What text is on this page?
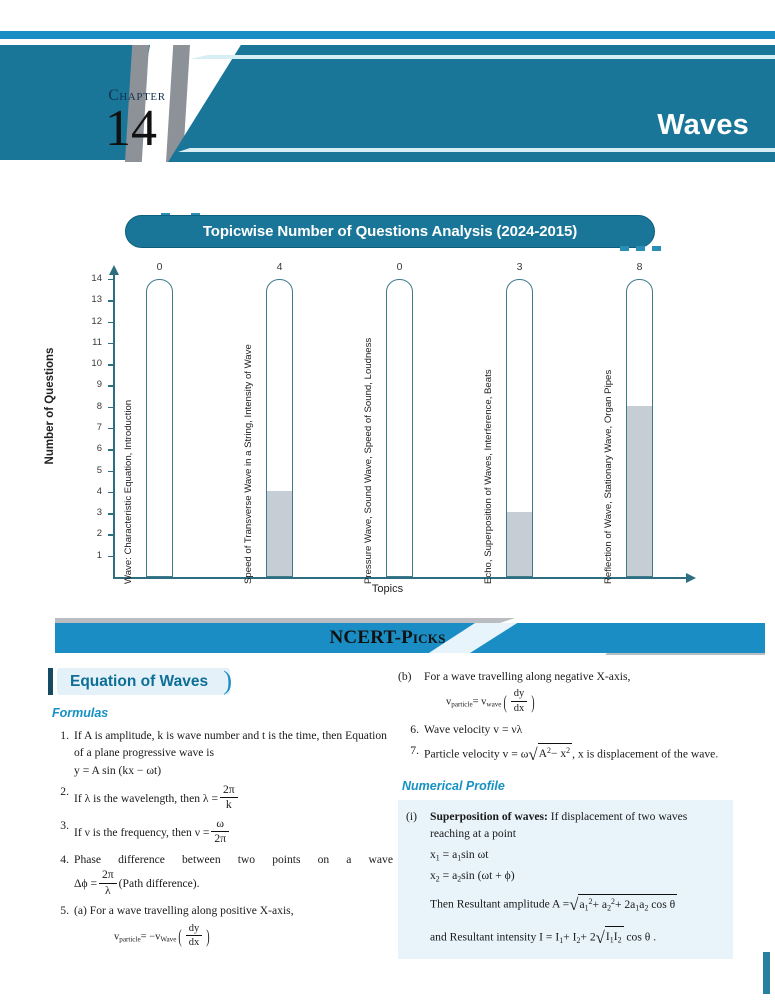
Chapter
14	Waves
Topicwise Number of Questions Analysis (2024-2015)
Number of Questions
Topics
14
13
12
11
10
9
8
7
6
5
4
3
2
1
0
Wave: Characteristic Equation, Introduction
4
Speed of Transverse Wave in a String, Intensity of Wave
0
Pressure Wave, Sound Wave, Speed of Sound, Loudness
3
Echo, Superposition of Waves, Interference, Beats
8
Reflection of Wave, Stationary Wave, Organ Pipes
NCERT-Picks
Equation of Waves )
Formulas
1. If A is amplitude, k is wave number and t is the time, then Equation of a plane progressive wave is
y = A sin (kx − ωt)
2.
If λ is the wavelength, then $\lambda = \frac{2\pi}{k}$
3.
If ν is the frequency, then $\nu = \frac{\omega}{2\pi}$
4. Phase difference between two points on a wave
$\Delta\phi = \frac{2\pi}{\lambda}$ (Path difference).
5. (a) For a wave travelling along positive X-axis,
$v_{particle}= -v_{Wave}$ ( $\frac{dy}{dx}$ )
(b) For a wave travelling along negative X-axis,
$v_{particle}= v_{wave}$ ( $\frac{dy}{dx}$ )
6. Wave velocity v = νλ
7. Particle velocity $v = \omega√A^2- x^2$ , x is displacement of the wave.
Numerical Profile
(i) Superposition of waves: If displacement of two waves reaching at a point
$x_1 = a_1\sin$ ωt
$x_2 = a_2\sin$ (ωt + ϕ)
Then Resultant amplitude $A =√a_1^2+ a_2^2+ 2a_1a_2$ cos θ
and Resultant intensity $I = I_1+ I_2+ 2√I_1I_2$ cos θ .
